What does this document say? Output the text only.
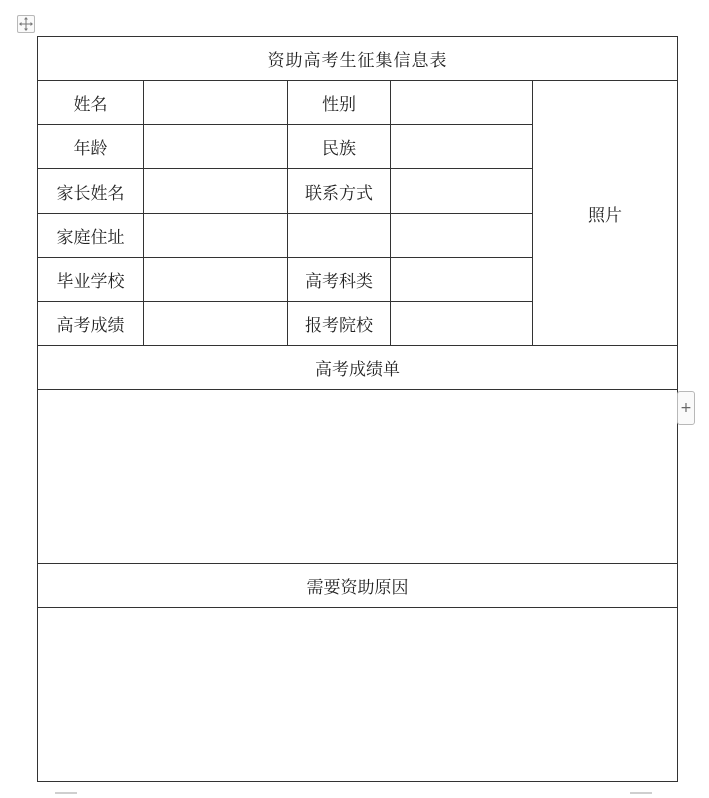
资助高考生征集信息表				
姓名		性别		照片
年龄		民族		
家长姓名		联系方式		
家庭住址				
毕业学校		高考科类		
高考成绩		报考院校		
高考成绩单				

需要资助原因				

+
